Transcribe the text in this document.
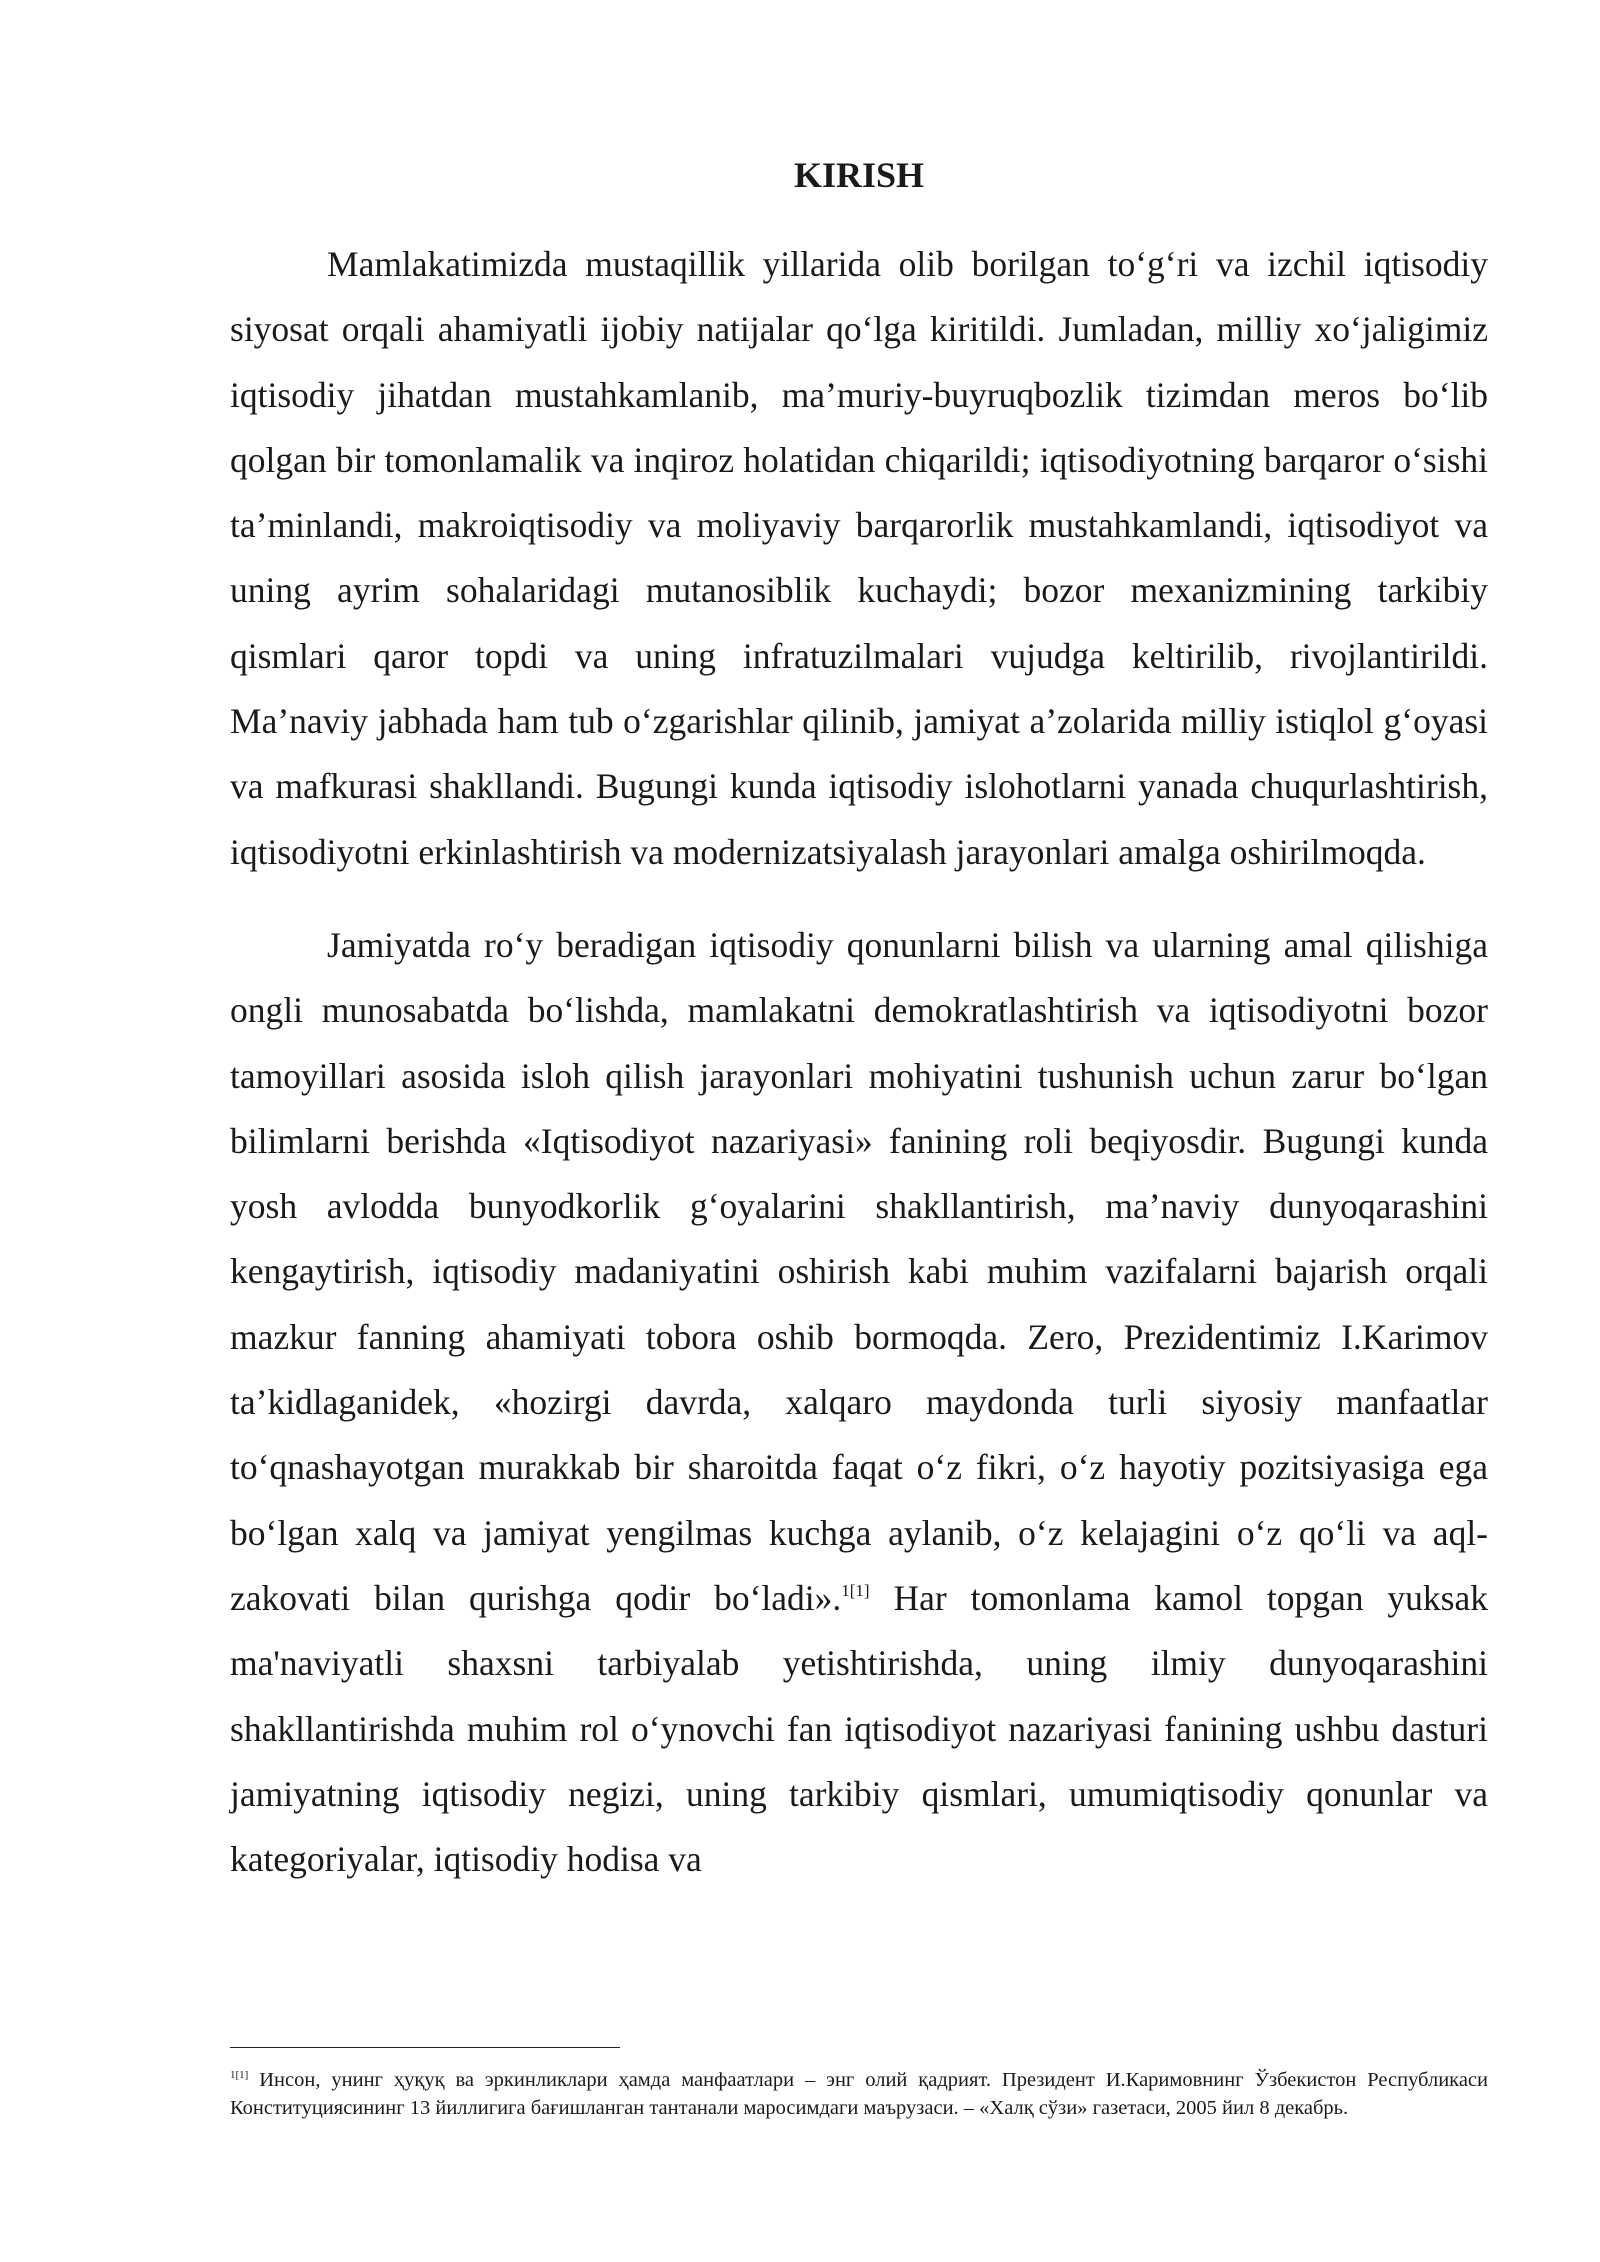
KIRISH

Mamlakatimizda mustaqillik yillarida olib borilgan to‘g‘ri va izchil iqtisodiy siyosat orqali ahamiyatli ijobiy natijalar qo‘lga kiritildi. Jumladan, milliy xo‘jaligimiz iqtisodiy jihatdan mustahkamlanib, ma’muriy-buyruqbozlik tizimdan meros bo‘lib qolgan bir tomonlamalik va inqiroz holatidan chiqarildi; iqtisodiyotning barqaror o‘sishi ta’minlandi, makroiqtisodiy va moliyaviy barqarorlik mustahkamlandi, iqtisodiyot va uning ayrim sohalaridagi mutanosiblik kuchaydi; bozor mexanizmining tarkibiy qismlari qaror topdi va uning infratuzilmalari vujudga keltirilib, rivojlantirildi. Ma’naviy jabhada ham tub o‘zgarishlar qilinib, jamiyat a’zolarida milliy istiqlol g‘oyasi va mafkurasi shakllandi. Bugungi kunda iqtisodiy islohotlarni yanada chuqurlashtirish, iqtisodiyotni erkinlashtirish va modernizatsiyalash jarayonlari amalga oshirilmoqda.

Jamiyatda ro‘y beradigan iqtisodiy qonunlarni bilish va ularning amal qilishiga ongli munosabatda bo‘lishda, mamlakatni demokratlashtirish va iqtisodiyotni bozor tamoyillari asosida isloh qilish jarayonlari mohiyatini tushunish uchun zarur bo‘lgan bilimlarni berishda «Iqtisodiyot nazariyasi» fanining roli beqiyosdir. Bugungi kunda yosh avlodda bunyodkorlik g‘oyalarini shakllantirish, ma’naviy dunyoqarashini kengaytirish, iqtisodiy madaniyatini oshirish kabi muhim vazifalarni bajarish orqali mazkur fanning ahamiyati tobora oshib bormoqda. Zero, Prezidentimiz I.Karimov ta’kidlaganidek, «hozirgi davrda, xalqaro maydonda turli siyosiy manfaatlar to‘qnashayotgan murakkab bir sharoitda faqat o‘z fikri, o‘z hayotiy pozitsiyasiga ega bo‘lgan xalq va jamiyat yengilmas kuchga aylanib, o‘z kelajagini o‘z qo‘li va aql-zakovati bilan qurishga qodir bo‘ladi».$^{1[1]}$ Har tomonlama kamol topgan yuksak ma'naviyatli shaxsni tarbiyalab yetishtirishda, uning ilmiy dunyoqarashini shakllantirishda muhim rol o‘ynovchi fan iqtisodiyot nazariyasi fanining ushbu dasturi jamiyatning iqtisodiy negizi, uning tarkibiy qismlari, umumiqtisodiy qonunlar va kategoriyalar, iqtisodiy hodisa va

$^{1[1]}$ Инсон, унинг ҳуқуқ ва эркинликлари ҳамда манфаатлари – энг олий қадрият. Президент И.Каримовнинг Ўзбекистон Республикаси Конституциясининг 13 йиллигига бағишланган тантанали маросимдаги маърузаси. – «Халқ сўзи» газетаси, 2005 йил 8 декабрь.
